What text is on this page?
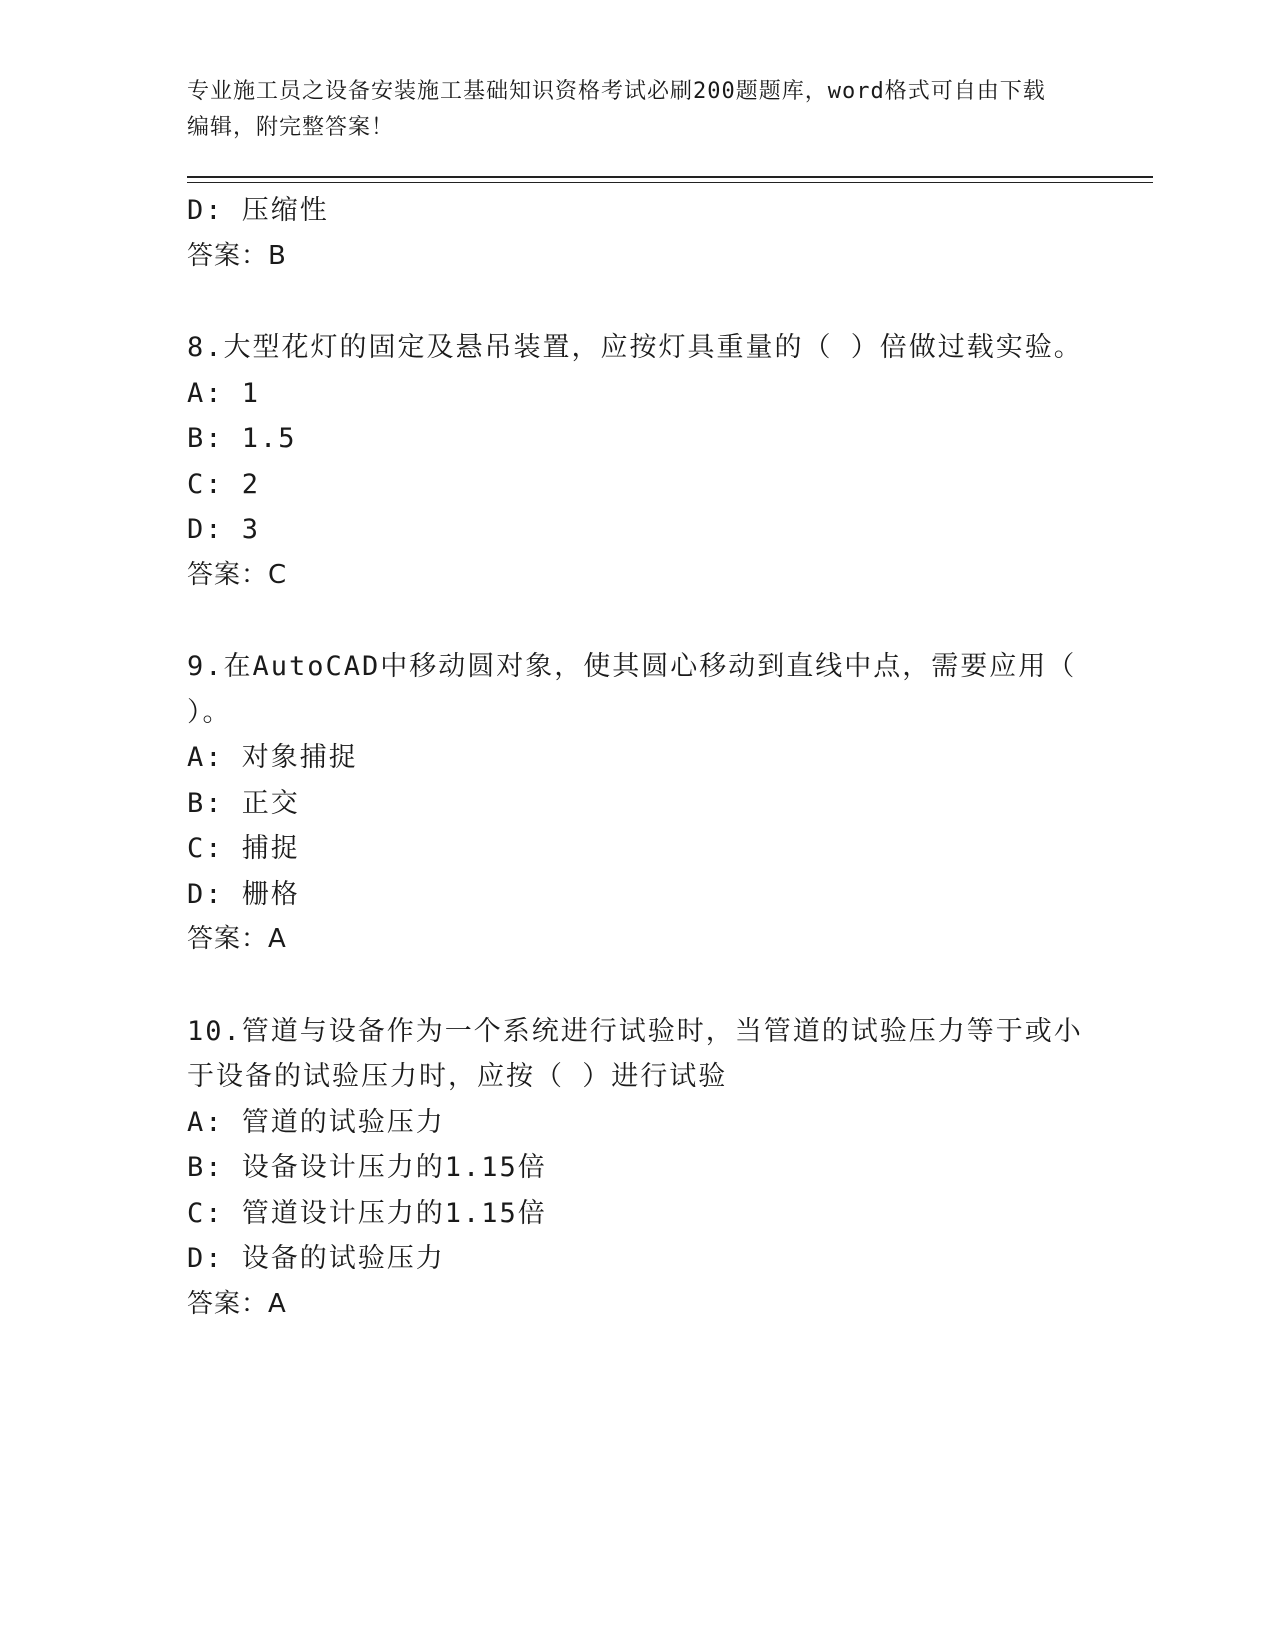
专业施工员之设备安装施工基础知识资格考试必刷200题题库，word格式可自由下载编辑，附完整答案！
D: 压缩性
答案：B
8.大型花灯的固定及悬吊装置，应按灯具重量的（ ）倍做过载实验。
A: 1
B: 1.5
C: 2
D: 3
答案：C
9.在AutoCAD中移动圆对象，使其圆心移动到直线中点，需要应用（
）。
A: 对象捕捉
B: 正交
C: 捕捉
D: 栅格
答案：A
10.管道与设备作为一个系统进行试验时，当管道的试验压力等于或小
于设备的试验压力时，应按（ ）进行试验
A: 管道的试验压力
B: 设备设计压力的1.15倍
C: 管道设计压力的1.15倍
D: 设备的试验压力
答案：A
